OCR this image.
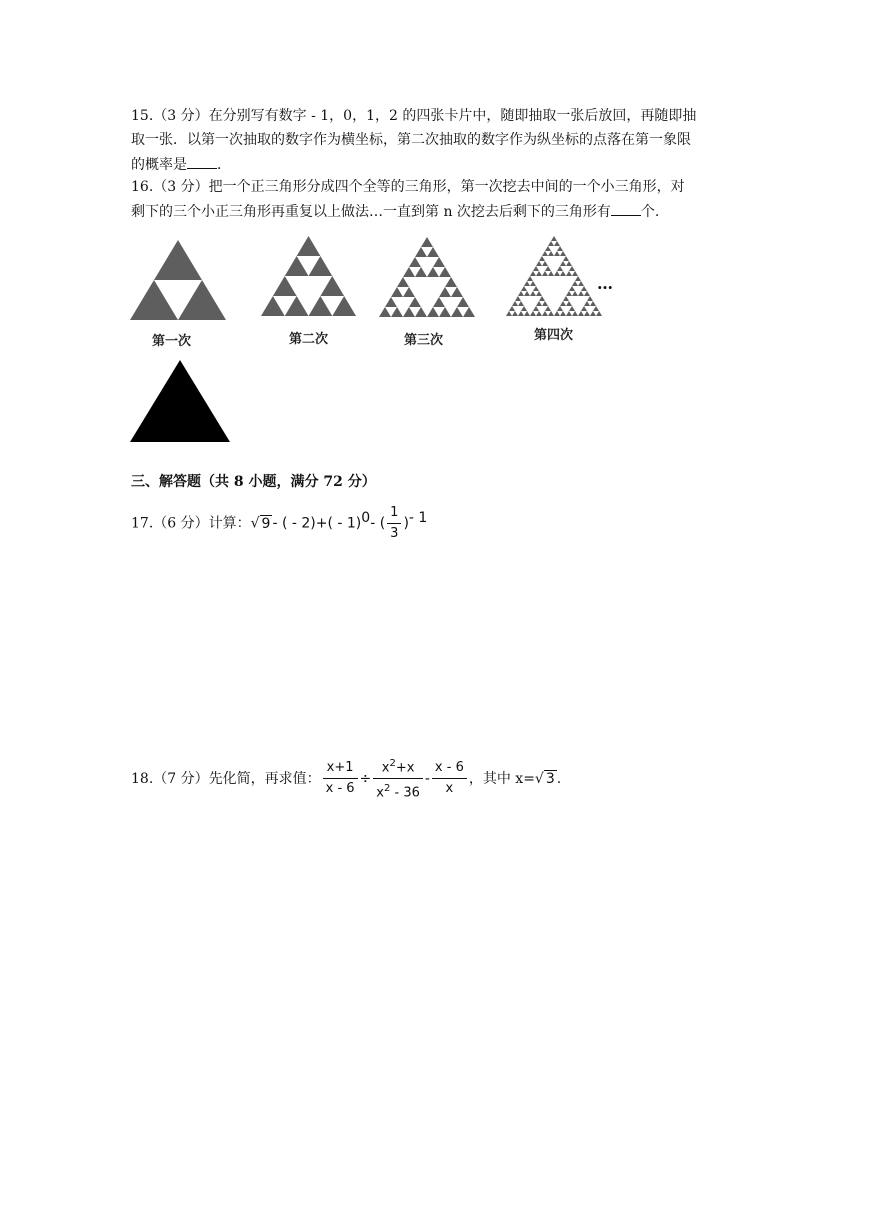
15.（3 分）在分别写有数字 - 1，0，1，2 的四张卡片中，随即抽取一张后放回，再随即抽
取一张．以第一次抽取的数字作为横坐标，第二次抽取的数字作为纵坐标的点落在第一象限
的概率是 ．
16.（3 分）把一个正三角形分成四个全等的三角形，第一次挖去中间的一个小三角形，对
剩下的三个小正三角形再重复以上做法…一直到第 n 次挖去后剩下的三角形有 个.
第一次	第二次	第三次	第四次
…
三、解答题（共 8 小题，满分 72 分）
17.（6 分）计算：√ 9 - ( - 2)+( - 1)$^0$- ( $\frac{1}{3} )^{- 1}$
18.（7 分）先化简，再求值： $\frac{x+1}{x - 6} \div \frac{x^2+x}{x^2 - 36} - \frac{x - 6}{x}$ ，其中 x=√ 3 .
